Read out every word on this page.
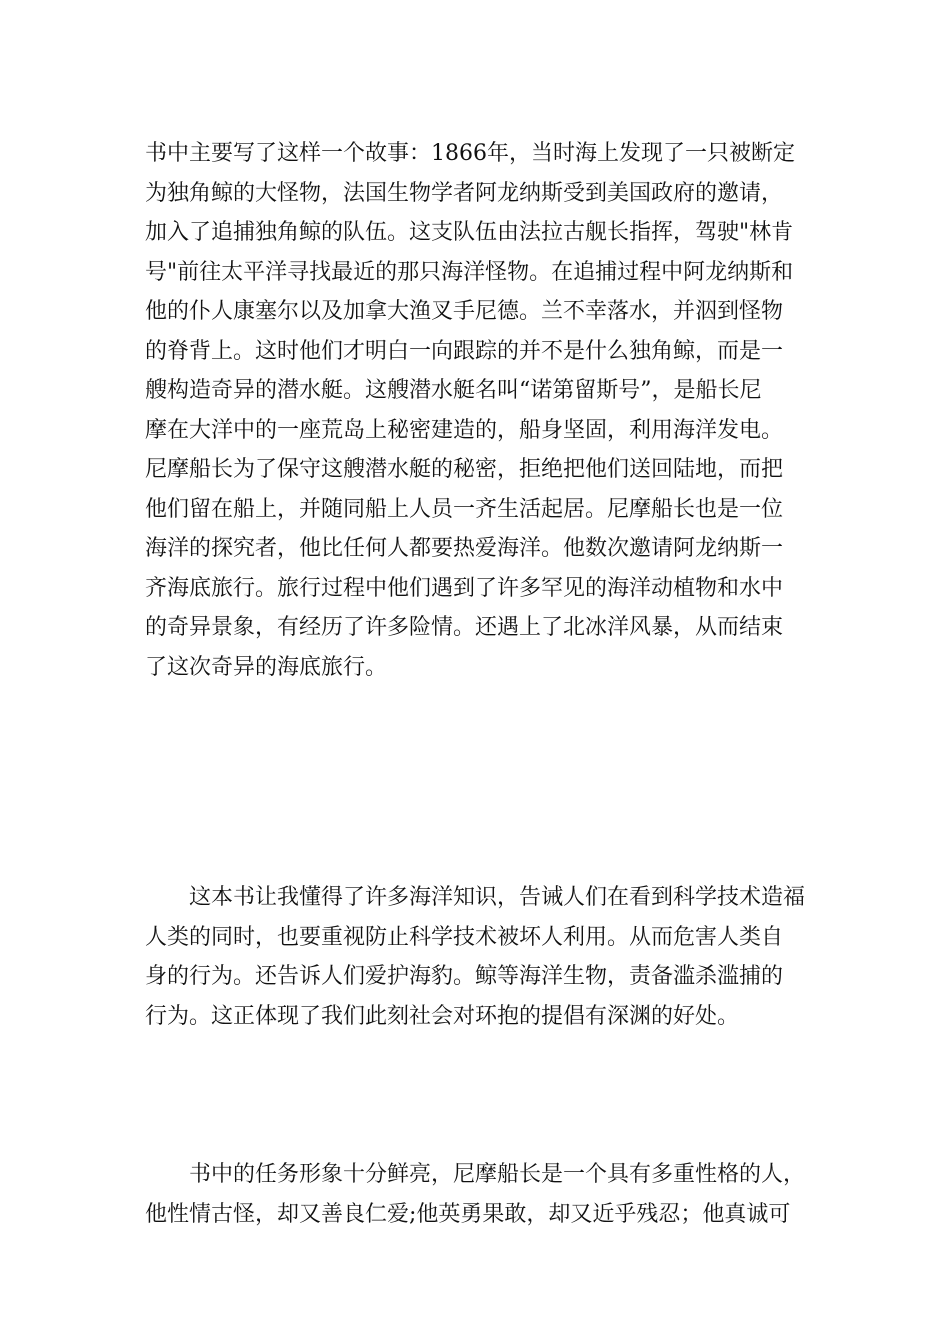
书中主要写了这样一个故事：1866年，当时海上发现了一只被断定
为独角鲸的大怪物，法国生物学者阿龙纳斯受到美国政府的邀请，
加入了追捕独角鲸的队伍。这支队伍由法拉古舰长指挥，驾驶"林肯
号"前往太平洋寻找最近的那只海洋怪物。在追捕过程中阿龙纳斯和
他的仆人康塞尔以及加拿大渔叉手尼德。兰不幸落水，并泅到怪物
的脊背上。这时他们才明白一向跟踪的并不是什么独角鲸，而是一
艘构造奇异的潜水艇。这艘潜水艇名叫“诺第留斯号”，是船长尼
摩在大洋中的一座荒岛上秘密建造的，船身坚固，利用海洋发电。
尼摩船长为了保守这艘潜水艇的秘密，拒绝把他们送回陆地，而把
他们留在船上，并随同船上人员一齐生活起居。尼摩船长也是一位
海洋的探究者，他比任何人都要热爱海洋。他数次邀请阿龙纳斯一
齐海底旅行。旅行过程中他们遇到了许多罕见的海洋动植物和水中
的奇异景象，有经历了许多险情。还遇上了北冰洋风暴，从而结束
了这次奇异的海底旅行。
这本书让我懂得了许多海洋知识，告诫人们在看到科学技术造福
人类的同时，也要重视防止科学技术被坏人利用。从而危害人类自
身的行为。还告诉人们爱护海豹。鲸等海洋生物，责备滥杀滥捕的
行为。这正体现了我们此刻社会对环抱的提倡有深渊的好处。
书中的任务形象十分鲜亮，尼摩船长是一个具有多重性格的人，
他性情古怪，却又善良仁爱;他英勇果敢，却又近乎残忍；他真诚可
